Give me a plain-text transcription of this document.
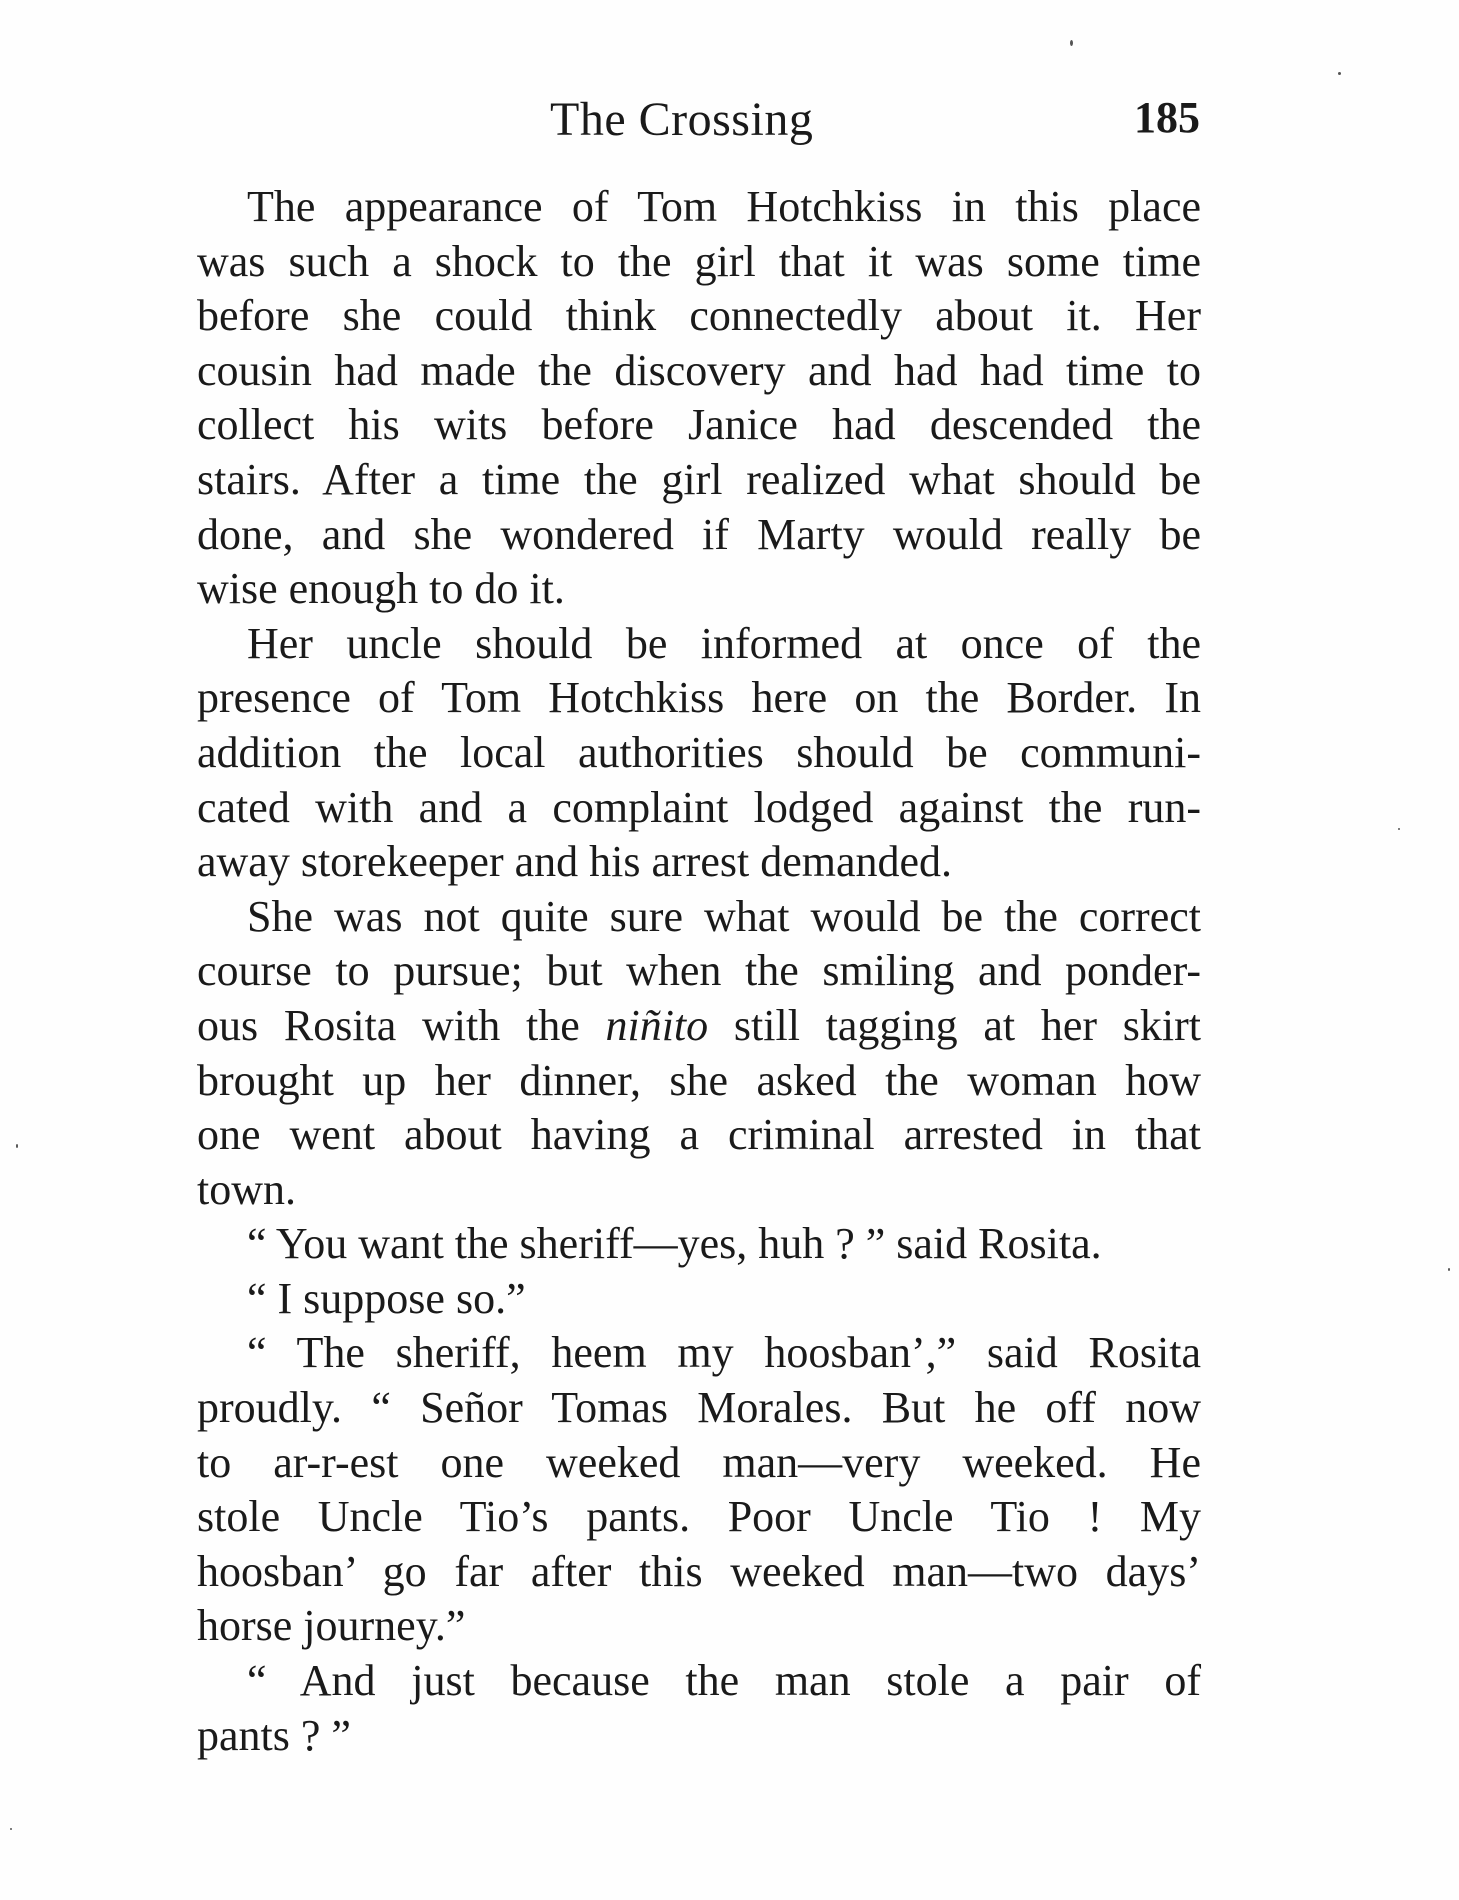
The Crossing	185
The appearance of Tom Hotchkiss in this place
was such a shock to the girl that it was some time
before she could think connectedly about it. Her
cousin had made the discovery and had had time to
collect his wits before Janice had descended the
stairs. After a time the girl realized what should be
done, and she wondered if Marty would really be
wise enough to do it.
Her uncle should be informed at once of the
presence of Tom Hotchkiss here on the Border. In
addition the local authorities should be communi-
cated with and a complaint lodged against the run-
away storekeeper and his arrest demanded.
She was not quite sure what would be the correct
course to pursue; but when the smiling and ponder-
ous Rosita with the niñito still tagging at her skirt
brought up her dinner, she asked the woman how
one went about having a criminal arrested in that
town.
“ You want the sheriff—yes, huh ? ” said Rosita.
“ I suppose so.”
“ The sheriff, heem my hoosban’,” said Rosita
proudly. “ Señor Tomas Morales. But he off now
to ar-r-est one weeked man—very weeked. He
stole Uncle Tio’s pants. Poor Uncle Tio ! My
hoosban’ go far after this weeked man—two days’
horse journey.”
“ And just because the man stole a pair of
pants ? ”
